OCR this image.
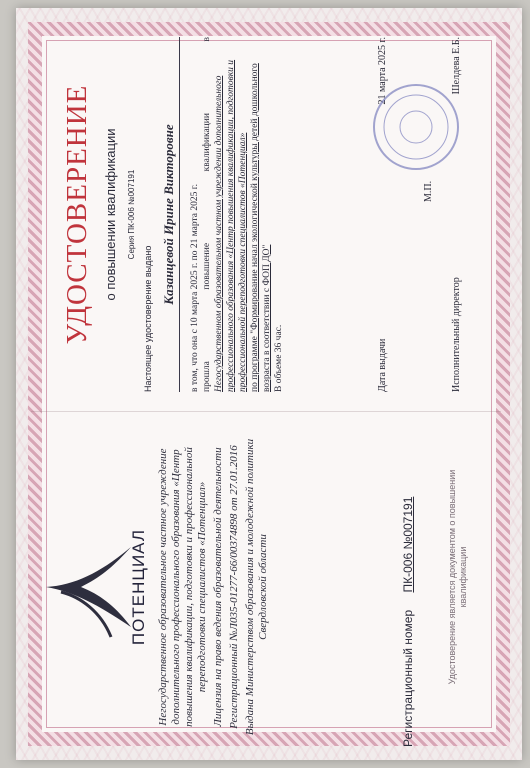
ПОТЕНЦИАЛ Негосударственное образовательное частное учреждение дополнительного профессионального образования «Центр повышения квалификации, подготовки и профессиональной переподготовки специалистов «Потенциал» Лицензия на право ведения образовательной деятельности Регистрационный №Л035-01277-66/00374898 от 27.01.2016 Выдана Министерством образования и молодежной политики Свердловской области

Регистрационный номер ПК-006 №007191	Удостоверение является документом о повышении квалификации
УДОСТОВЕРЕНИЕ о повышении квалификации Серия ПК-006 №007191
Настоящее удостоверение выдано
Казанцевой Ирине Викторовне	в том, что она с 10 марта 2025 г. по 21 марта 2025 г. прошла
повышение
квалификации
в

Негосударственном образовательном частном учреждении дополнительного профессионального образования «Центр повышения квалификации, подготовки и профессиональной переподготовки специалистов «Потенциал» по программе "Формирование начал экологической культуры детей дошкольного возраста в соответствии с ФОП ДО" В объеме 36 час.	Дата выдачи
21 марта 2025 г.
М.П.
Исполнительный директор
Шелдева Е.Б.
